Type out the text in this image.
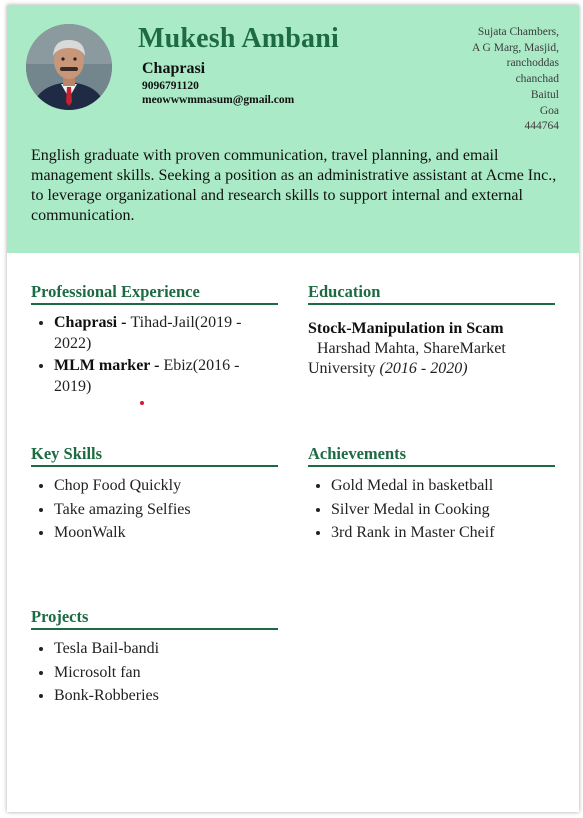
Mukesh Ambani
Chaprasi
9096791120
meowwwmmasum@gmail.com
Sujata Chambers,
A G Marg, Masjid,
ranchoddas
chanchad
Baitul
Goa
444764
English graduate with proven communication, travel planning, and email management skills. Seeking a position as an administrative assistant at Acme Inc., to leverage organizational and research skills to support internal and external communication.
Professional Experience
• Chaprasi - Tihad-Jail(2019 - 2022)
• MLM marker - Ebiz(2016 - 2019)
Education
Stock-Manipulation in Scam
Harshad Mahta, ShareMarket University (2016 - 2020)
Key Skills
• Chop Food Quickly
• Take amazing Selfies
• MoonWalk
Achievements
• Gold Medal in basketball
• Silver Medal in Cooking
• 3rd Rank in Master Cheif
Projects
• Tesla Bail-bandi
• Microsolt fan
• Bonk-Robberies
